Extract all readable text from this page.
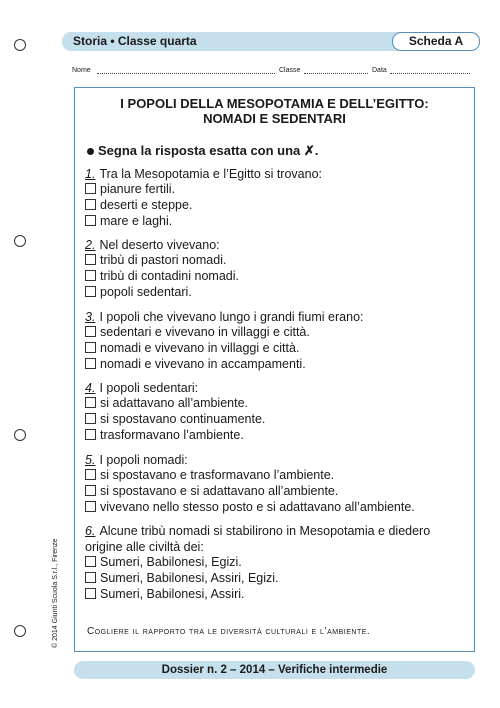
Storia • Classe quarta	Scheda A
Nome	Classe	Data
I POPOLI DELLA MESOPOTAMIA E DELL’EGITTO:
NOMADI E SEDENTARI
Segna la risposta esatta con una ✗.
1. Tra la Mesopotamia e l’Egitto si trovano:
pianure fertili.
deserti e steppe.
mare e laghi.
2. Nel deserto vivevano:
tribù di pastori nomadi.
tribù di contadini nomadi.
popoli sedentari.
3. I popoli che vivevano lungo i grandi fiumi erano:
sedentari e vivevano in villaggi e città.
nomadi e vivevano in villaggi e città.
nomadi e vivevano in accampamenti.
4. I popoli sedentari:
si adattavano all’ambiente.
si spostavano continuamente.
trasformavano l’ambiente.
5. I popoli nomadi:
si spostavano e trasformavano l’ambiente.
si spostavano e si adattavano all’ambiente.
vivevano nello stesso posto e si adattavano all’ambiente.
6. Alcune tribù nomadi si stabilirono in Mesopotamia e diedero
origine alle civiltà dei:
Sumeri, Babilonesi, Egizi.
Sumeri, Babilonesi, Assiri, Egizi.
Sumeri, Babilonesi, Assiri.
Cogliere il rapporto tra le diversità culturali e l’ambiente.
© 2014 Giunti Scuola S.r.l., Firenze
Dossier n. 2 – 2014 – Verifiche intermedie
